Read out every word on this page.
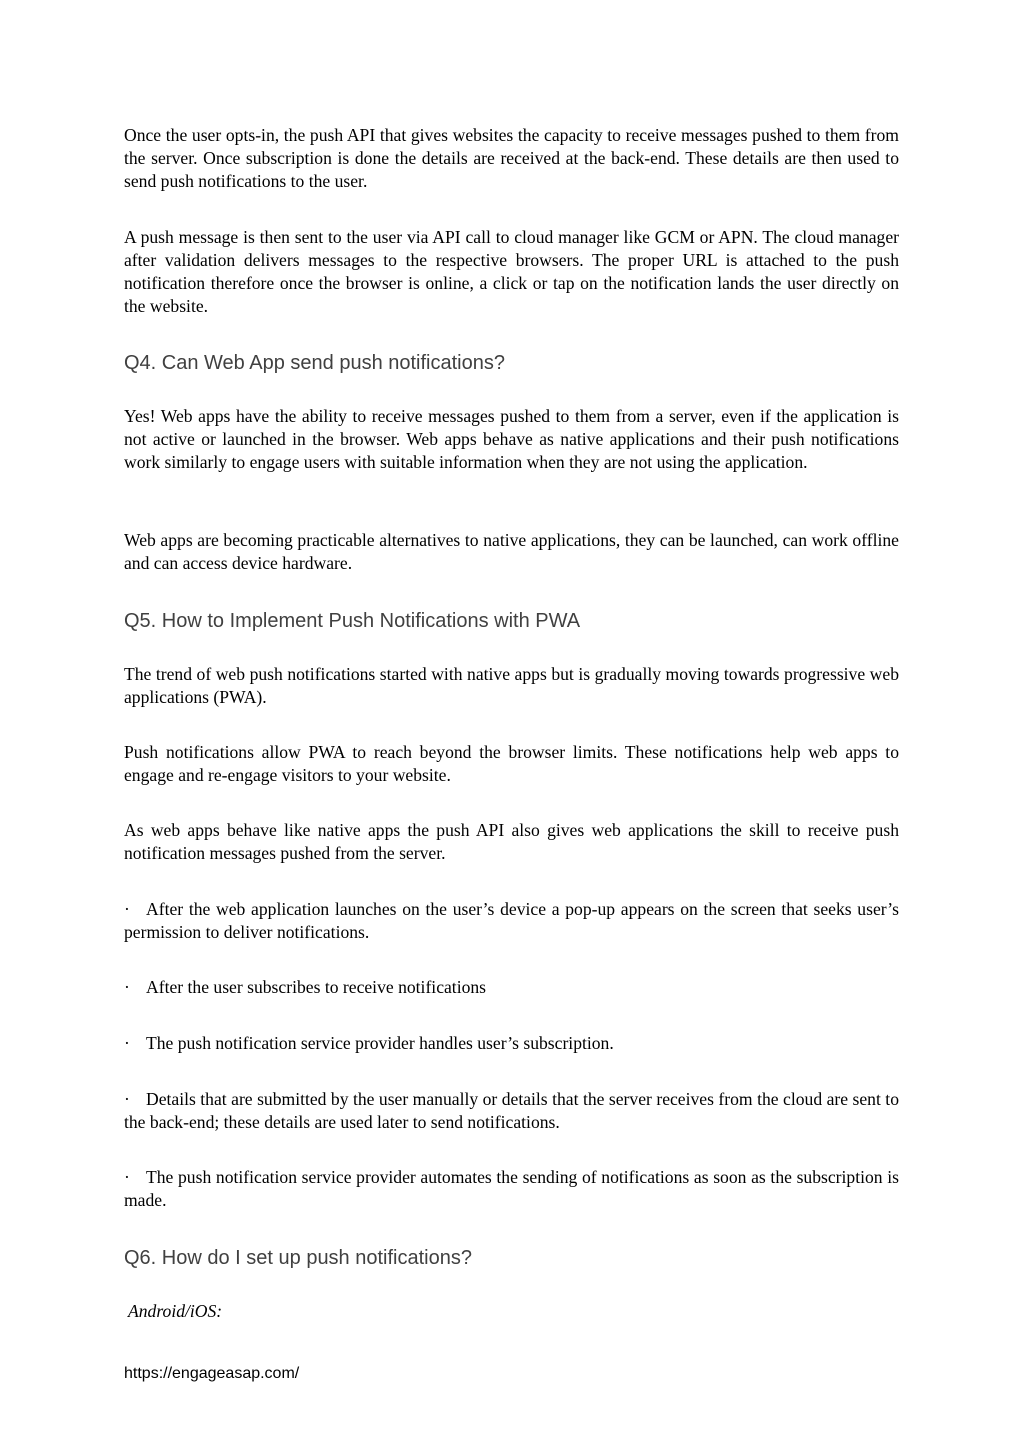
Once the user opts-in, the push API that gives websites the capacity to receive messages pushed to them from the server. Once subscription is done the details are received at the back-end. These details are then used to send push notifications to the user.

A push message is then sent to the user via API call to cloud manager like GCM or APN. The cloud manager after validation delivers messages to the respective browsers. The proper URL is attached to the push notification therefore once the browser is online, a click or tap on the notification lands the user directly on the website.

Q4. Can Web App send push notifications?

Yes! Web apps have the ability to receive messages pushed to them from a server, even if the application is not active or launched in the browser. Web apps behave as native applications and their push notifications work similarly to engage users with suitable information when they are not using the application.

Web apps are becoming practicable alternatives to native applications, they can be launched, can work offline and can access device hardware.

Q5. How to Implement Push Notifications with PWA

The trend of web push notifications started with native apps but is gradually moving towards progressive web applications (PWA).

Push notifications allow PWA to reach beyond the browser limits. These notifications help web apps to engage and re-engage visitors to your website.

As web apps behave like native apps the push API also gives web applications the skill to receive push notification messages pushed from the server.

· After the web application launches on the user’s device a pop-up appears on the screen that seeks user’s permission to deliver notifications.

· After the user subscribes to receive notifications

· The push notification service provider handles user’s subscription.

· Details that are submitted by the user manually or details that the server receives from the cloud are sent to the back-end; these details are used later to send notifications.

· The push notification service provider automates the sending of notifications as soon as the subscription is made.

Q6. How do I set up push notifications?

Android/iOS:

https://engageasap.com/
